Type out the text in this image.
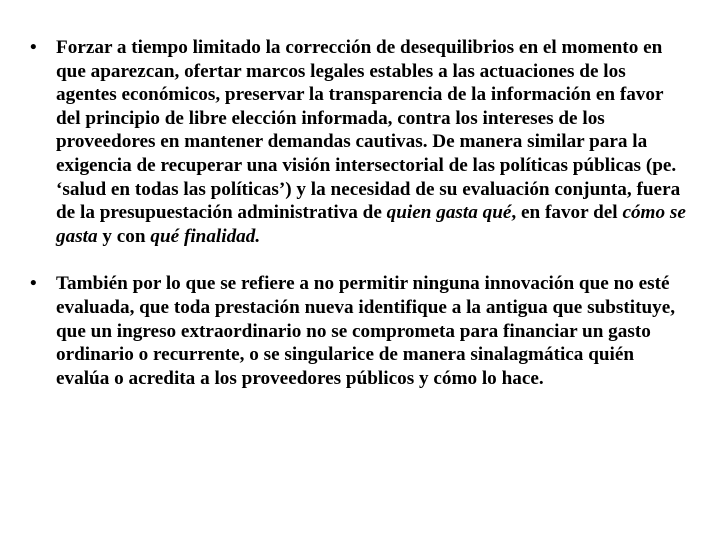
•	Forzar a tiempo limitado la corrección de desequilibrios en el momento en que aparezcan, ofertar marcos legales estables a las actuaciones de los agentes económicos, preservar la transparencia de la información en favor del principio de libre elección informada, contra los intereses de los proveedores en mantener demandas cautivas. De manera similar para la exigencia de recuperar una visión intersectorial de las políticas públicas (pe. ‘salud en todas las políticas’) y la necesidad de su evaluación conjunta, fuera de la presupuestación administrativa de quien gasta qué, en favor del cómo se gasta y con qué finalidad.
•	También por lo que se refiere a no permitir ninguna innovación que no esté evaluada, que toda prestación nueva identifique a la antigua que substituye, que un ingreso extraordinario no se comprometa para financiar un gasto ordinario o recurrente, o se singularice de manera sinalagmática quién evalúa o acredita a los proveedores públicos y cómo lo hace.
